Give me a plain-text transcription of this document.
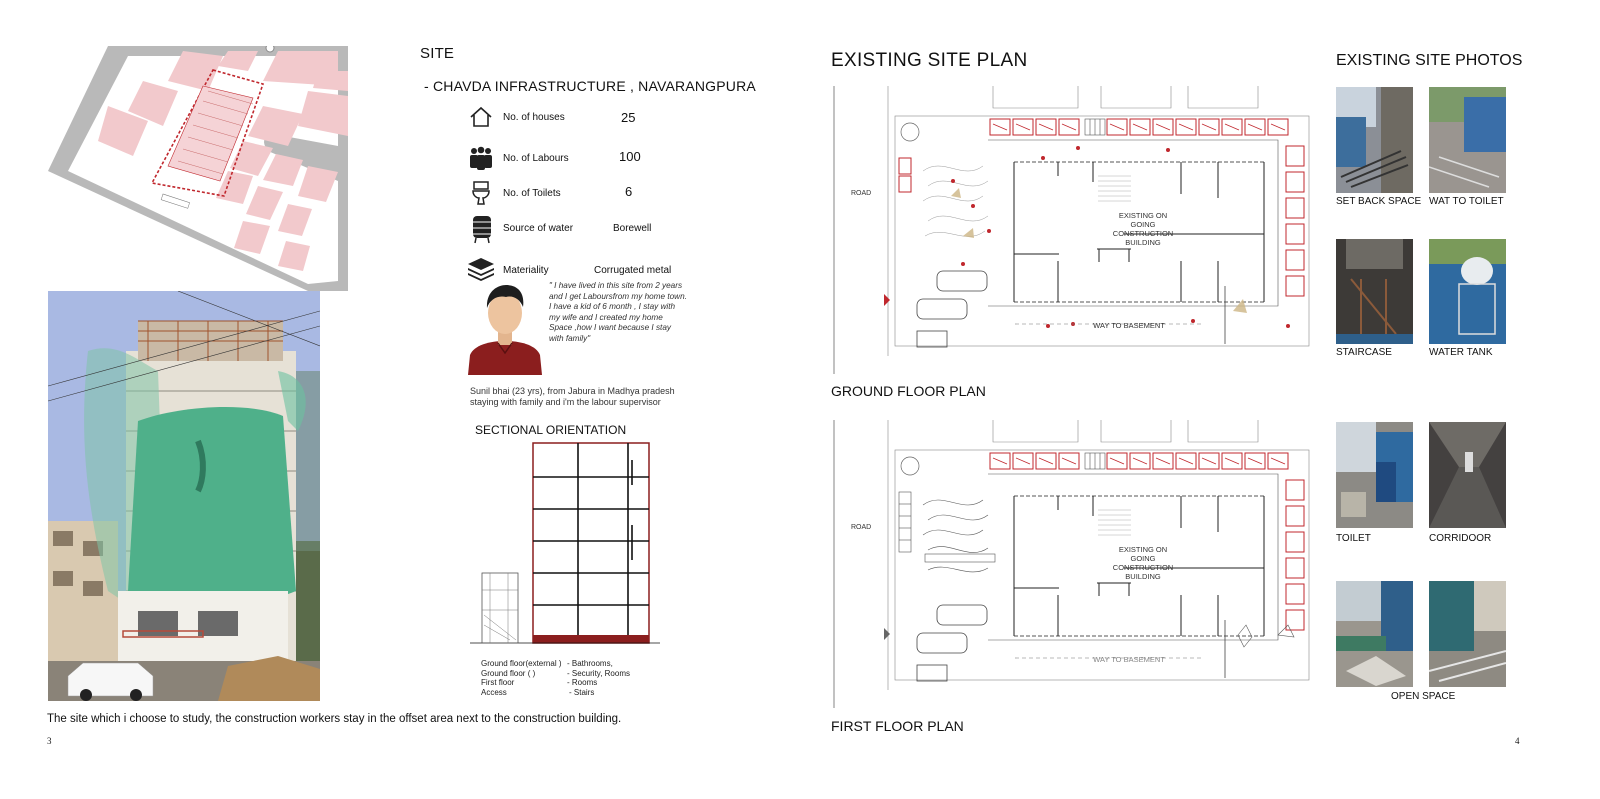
SITE
- CHAVDA INFRASTRUCTURE , NAVARANGPURA
No. of houses	25
No. of Labours	100
No. of Toilets	6
Source of water	Borewell
Materiality	Corrugated metal
" I have lived in this site from 2 years
and I get Laboursfrom my home town.
I have a kid of 6 month , I stay with
my wife and I created my home
Space ,how I want because I stay
with family"
Sunil bhai (23 yrs), from Jabura in Madhya pradesh
staying with family and i'm the labour supervisor
SECTIONAL ORIENTATION
Ground floor(external ) - Bathrooms,
Ground floor ( )	- Security, Rooms
First floor	- Rooms
Access	- Stairs
The site which i choose to study, the construction workers stay in the offset area next to the construction building.
3
EXISTING SITE PLAN	EXISTING SITE PHOTOS
ROAD
EXISTING ON
GOING
CONSTRUCTION
BUILDING
WAY TO BASEMENT
GROUND FLOOR PLAN
ROAD
EXISTING ON
GOING
CONSTRUCTION
BUILDING
WAY TO BASEMENT
FIRST FLOOR PLAN
SET BACK SPACE WAT TO TOILET
STAIRCASE	WATER TANK
TOILET	CORRIDOOR
OPEN SPACE
4
